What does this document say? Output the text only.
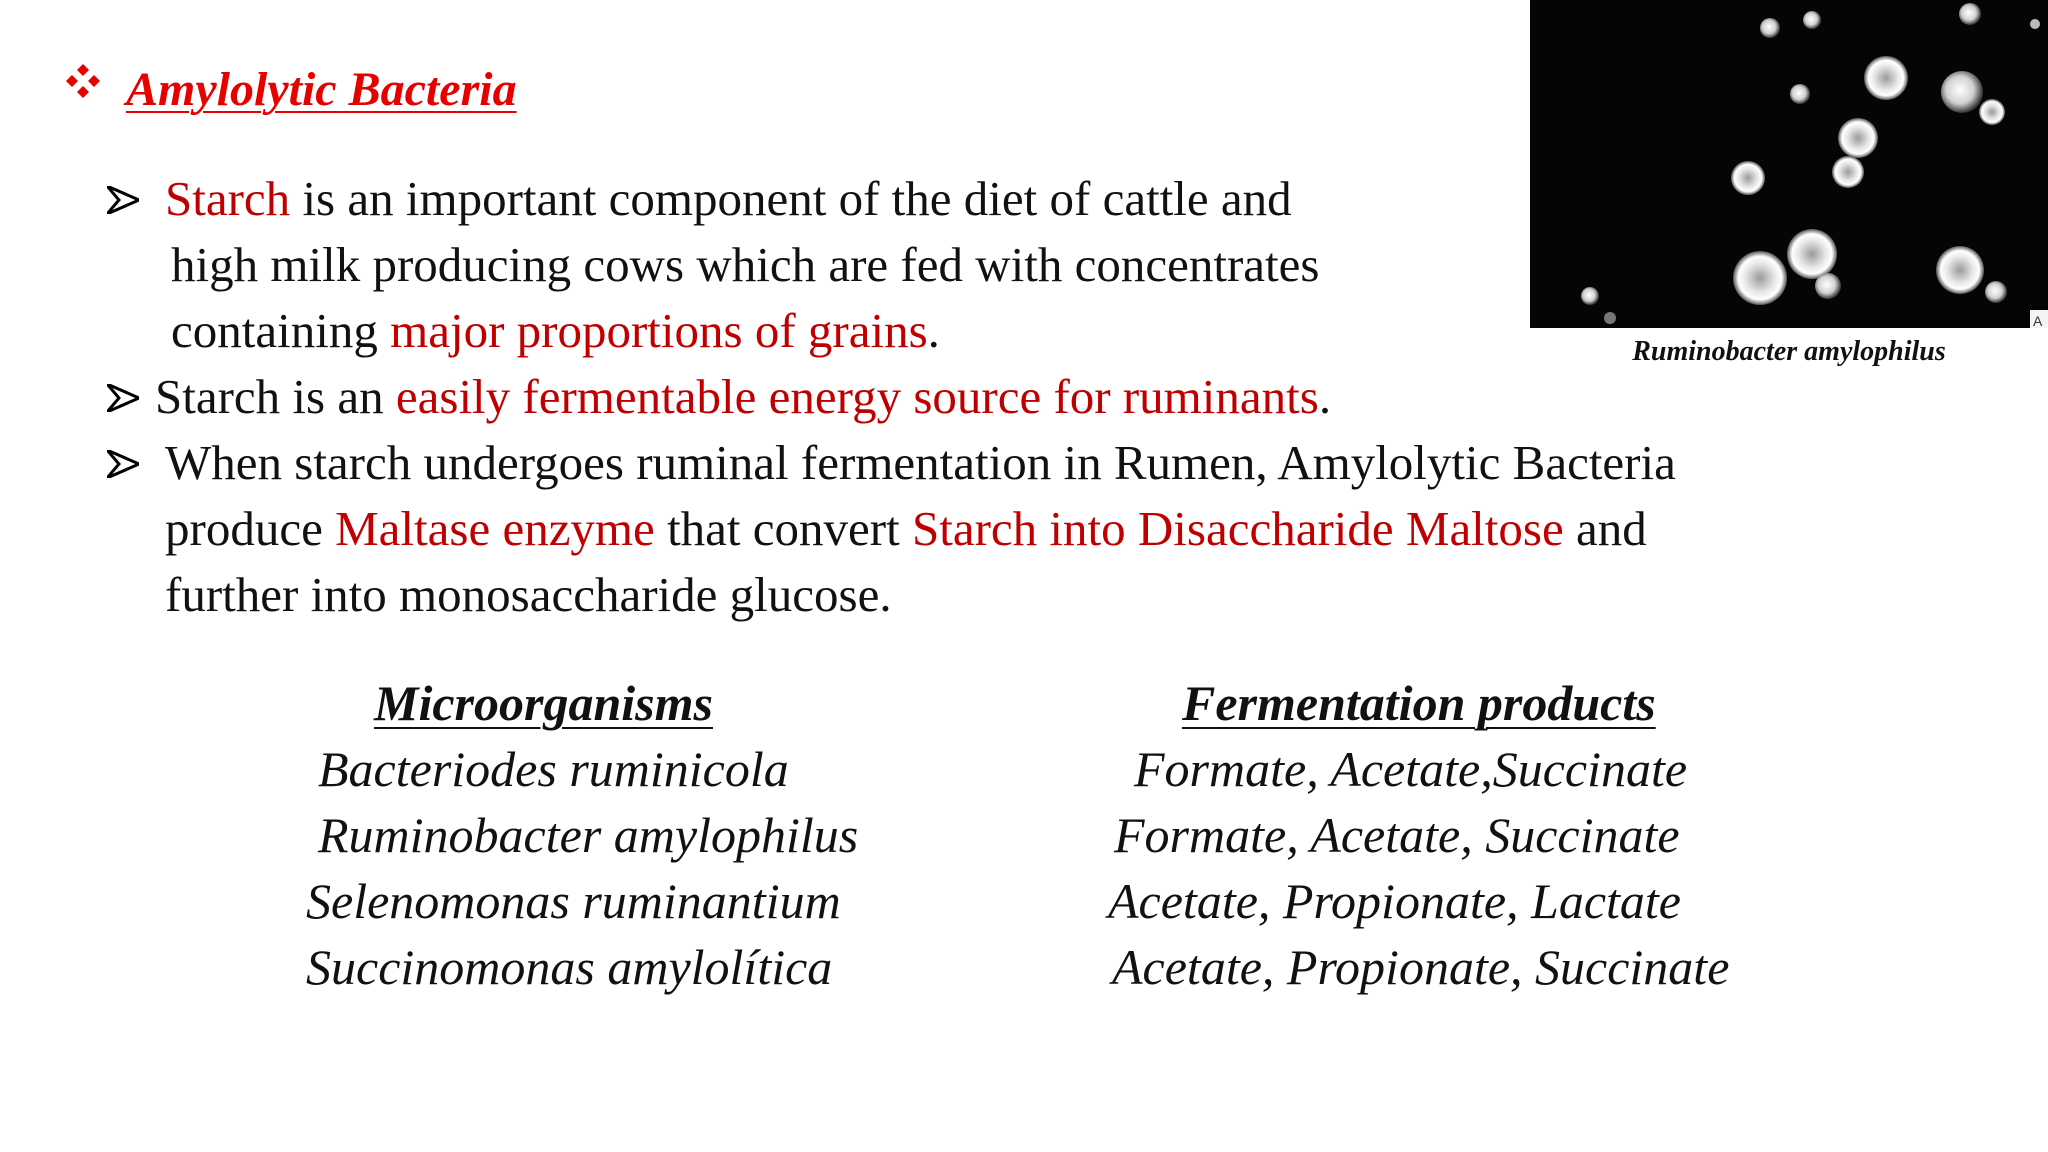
Amylolytic Bacteria
A
Ruminobacter amylophilus
Starch is an important component of the diet of cattle and
high milk producing cows which are fed with concentrates
containing major proportions of grains.
Starch is an easily fermentable energy source for ruminants.
When starch undergoes ruminal fermentation in Rumen, Amylolytic Bacteria
produce Maltase enzyme that convert Starch into Disaccharide Maltose and
further into monosaccharide glucose.
Microorganisms
Bacteriodes ruminicola
Ruminobacter amylophilus
Selenomonas ruminantium
Succinomonas amylolítica
Fermentation products
Formate, Acetate,Succinate
Formate, Acetate, Succinate
Acetate, Propionate, Lactate
Acetate, Propionate, Succinate
